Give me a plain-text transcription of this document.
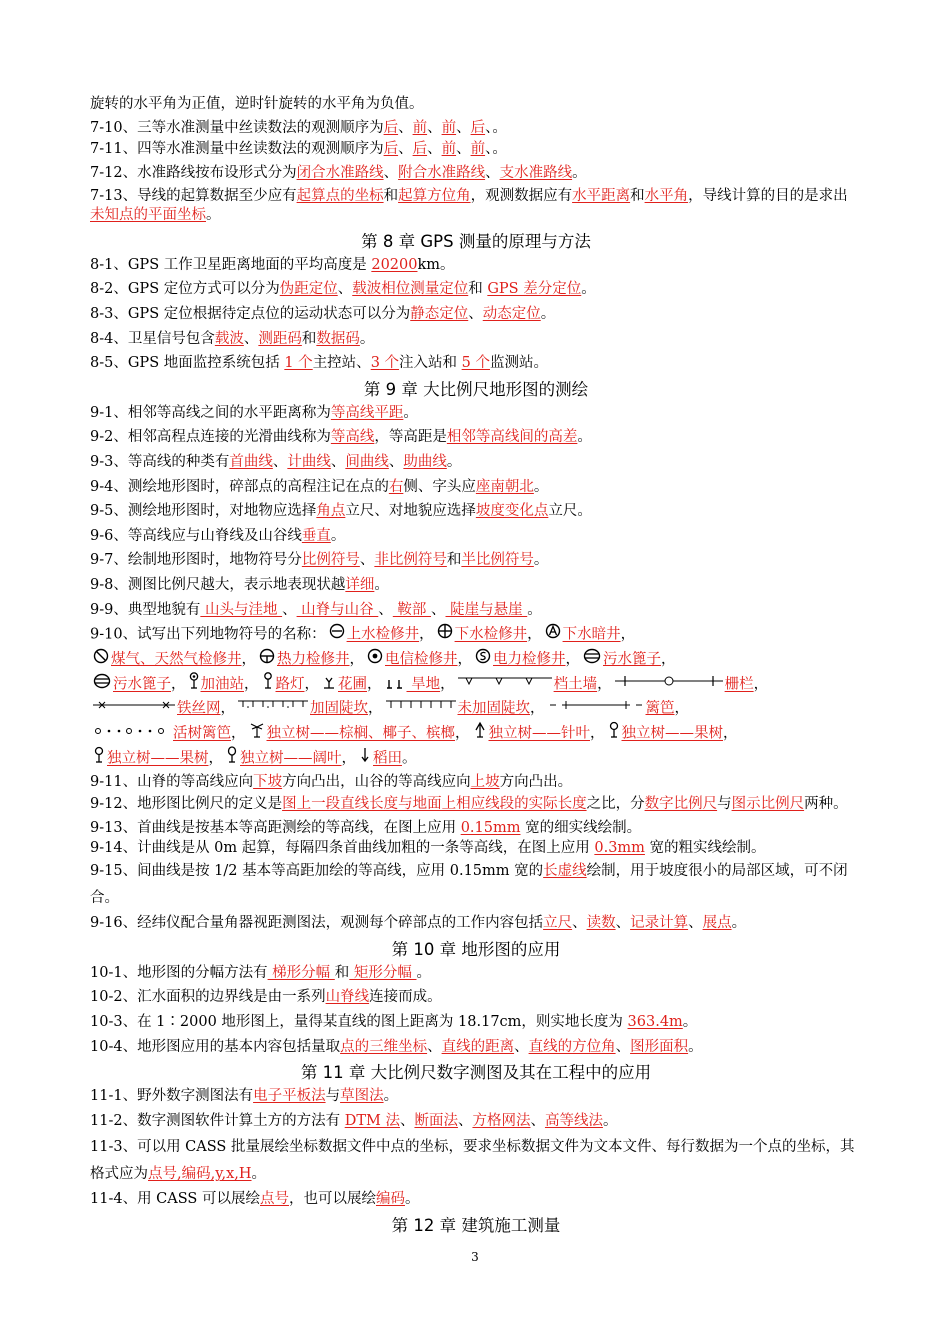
旋转的水平角为正值，逆时针旋转的水平角为负值。
7-10、三等水准测量中丝读数法的观测顺序为后、前、前、后、。
7-11、四等水准测量中丝读数法的观测顺序为后、后、前、前、。
7-12、水准路线按布设形式分为闭合水准路线、附合水准路线、支水准路线。
7-13、导线的起算数据至少应有起算点的坐标和起算方位角，观测数据应有水平距离和水平角，导线计算的目的是求出未知点的平面坐标。
第 8 章 GPS 测量的原理与方法
8-1、GPS 工作卫星距离地面的平均高度是 20200km。
8-2、GPS 定位方式可以分为伪距定位、载波相位测量定位和 GPS 差分定位。
8-3、GPS 定位根据待定点位的运动状态可以分为静态定位、动态定位。
8-4、卫星信号包含载波、测距码和数据码。
8-5、GPS 地面监控系统包括 1 个主控站、3 个注入站和 5 个监测站。
第 9 章 大比例尺地形图的测绘
9-1、相邻等高线之间的水平距离称为等高线平距。
9-2、相邻高程点连接的光滑曲线称为等高线，等高距是相邻等高线间的高差。
9-3、等高线的种类有首曲线、计曲线、间曲线、助曲线。
9-4、测绘地形图时，碎部点的高程注记在点的右侧、字头应座南朝北。
9-5、测绘地形图时，对地物应选择角点立尺、对地貌应选择坡度变化点立尺。
9-6、等高线应与山脊线及山谷线垂直。
9-7、绘制地形图时，地物符号分比例符号、非比例符号和半比例符号。
9-8、测图比例尺越大，表示地表现状越详细。
9-9、典型地貌有 山头与洼地 、 山脊与山谷 、 鞍部 、 陡崖与悬崖 。
9-10、试写出下列地物符号的名称： 上水检修井， 下水检修井， 下水暗井，
煤气、天然气检修井， 热力检修井， 电信检修井， 电力检修井， 污水篦子，
污水篦子， 加油站， 路灯， 花圃， 旱地，	档土墙，	栅栏，
铁丝网，	加固陡坎，	未加固陡坎，	篱笆，
活树篱笆， 独立树——棕榈、椰子、槟榔， 独立树——针叶， 独立树——果树，
独立树——果树， 独立树——阔叶， 稻田。
9-11、山脊的等高线应向下坡方向凸出，山谷的等高线应向上坡方向凸出。
9-12、地形图比例尺的定义是图上一段直线长度与地面上相应线段的实际长度之比，分数字比例尺与图示比例尺两种。
9-13、首曲线是按基本等高距测绘的等高线，在图上应用 0.15mm 宽的细实线绘制。
9-14、计曲线是从 0m 起算，每隔四条首曲线加粗的一条等高线，在图上应用 0.3mm 宽的粗实线绘制。
9-15、间曲线是按 1/2 基本等高距加绘的等高线，应用 0.15mm 宽的长虚线绘制，用于坡度很小的局部区域，可不闭合。
9-16、经纬仪配合量角器视距测图法，观测每个碎部点的工作内容包括立尺、读数、记录计算、展点。
第 10 章 地形图的应用
10-1、地形图的分幅方法有 梯形分幅 和 矩形分幅 。
10-2、汇水面积的边界线是由一系列山脊线连接而成。
10-3、在 1∶2000 地形图上，量得某直线的图上距离为 18.17cm，则实地长度为 363.4m。
10-4、地形图应用的基本内容包括量取点的三维坐标、直线的距离、直线的方位角、图形面积。
第 11 章 大比例尺数字测图及其在工程中的应用
11-1、野外数字测图法有电子平板法与草图法。
11-2、数字测图软件计算土方的方法有 DTM 法、断面法、方格网法、高等线法。
11-3、可以用 CASS 批量展绘坐标数据文件中点的坐标，要求坐标数据文件为文本文件、每行数据为一个点的坐标，其格式应为点号,编码,y,x,H。
11-4、用 CASS 可以展绘点号，也可以展绘编码。
第 12 章 建筑施工测量
3
